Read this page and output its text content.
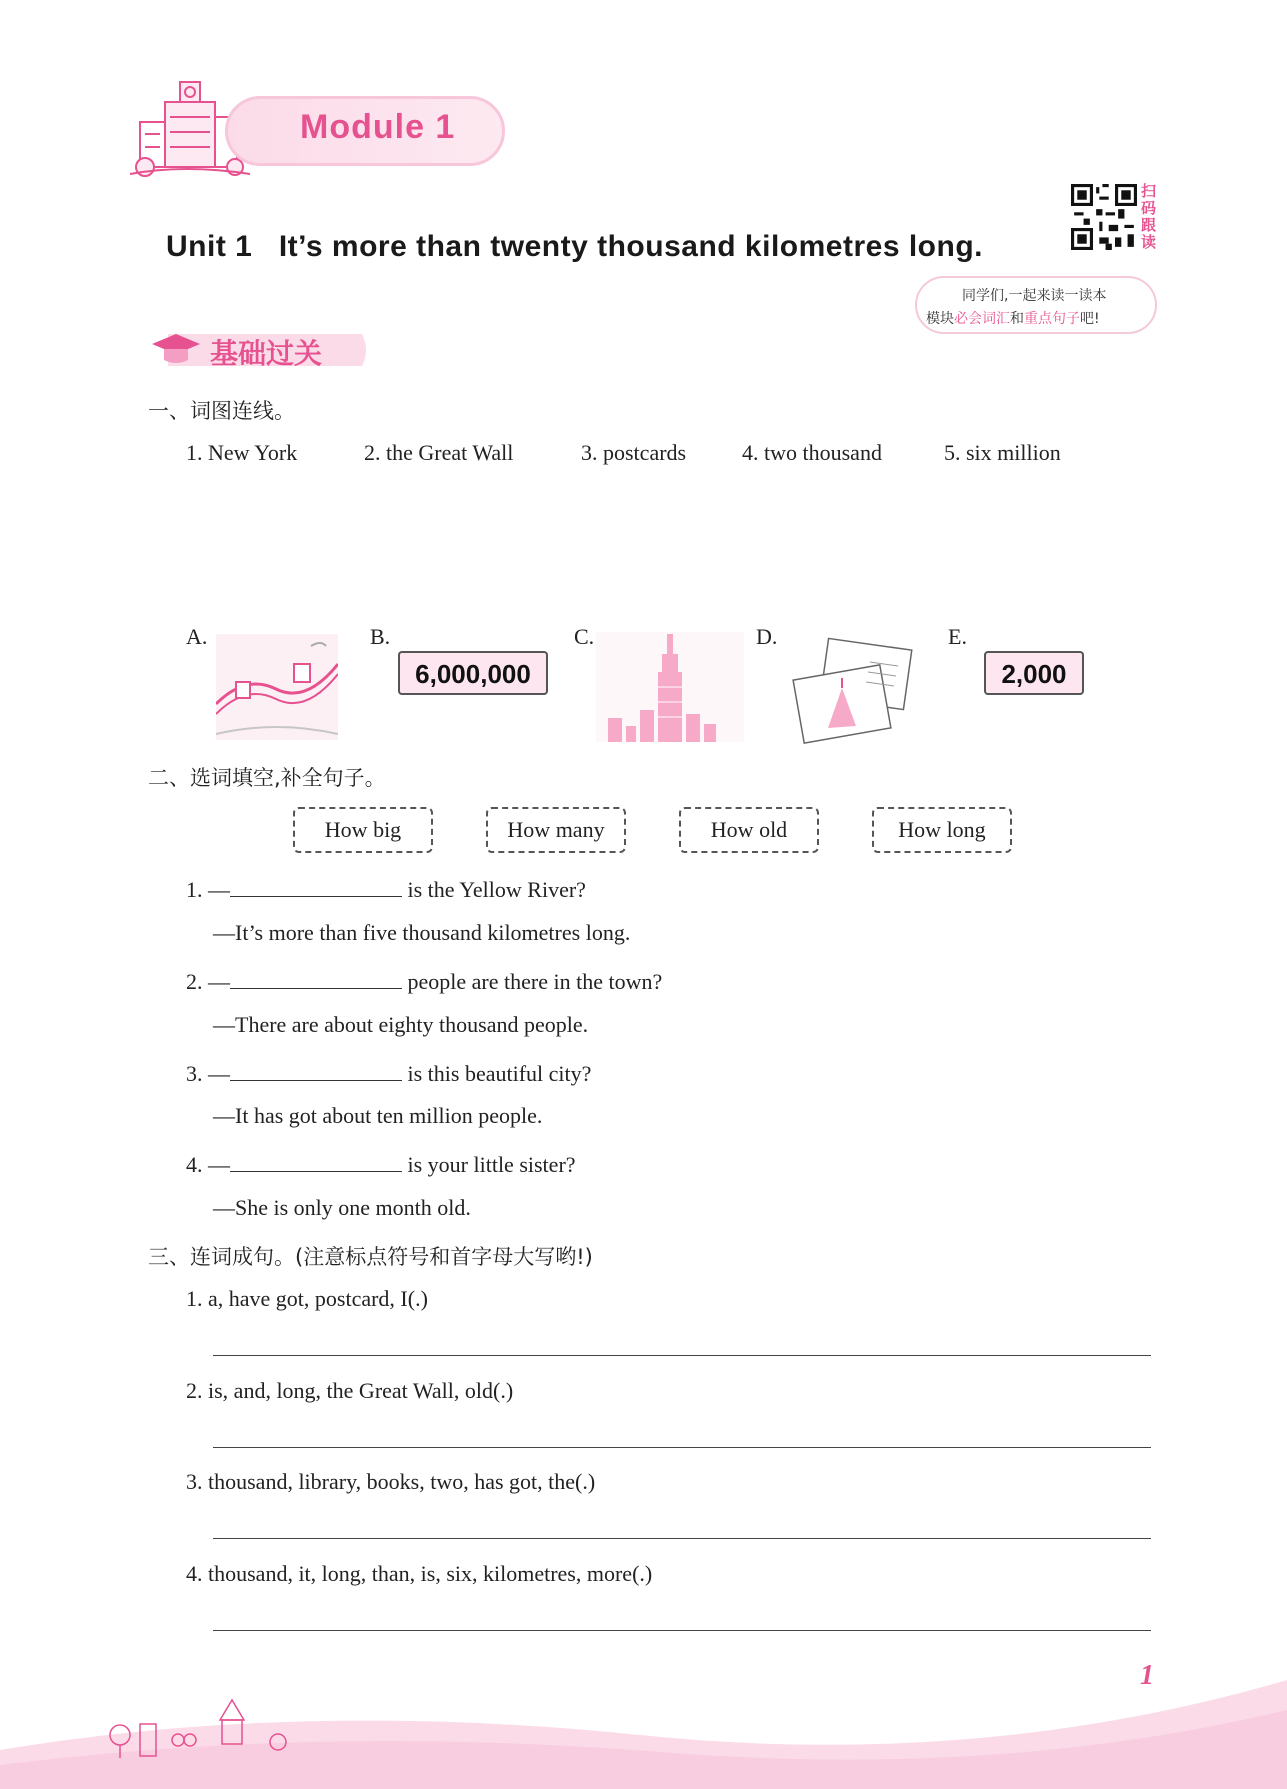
Module 1
Unit 1   It’s more than twenty thousand kilometres long.
扫码跟读
同学们,一起来读一读本
模块必会词汇和重点句子吧!
基础过关
一、词图连线。
1. New York	2. the Great Wall	3. postcards	4. two thousand	5. six million
A.	B.	C.	D.	E.
6,000,000	2,000
二、选词填空,补全句子。
How big	How many	How old	How long
1. —	is the Yellow River?
—It’s more than five thousand kilometres long.
2. —	people are there in the town?
—There are about eighty thousand people.
3. —	is this beautiful city?
—It has got about ten million people.
4. —	is your little sister?
—She is only one month old.
三、连词成句。(注意标点符号和首字母大写哟!)
1. a, have got, postcard, I(.)
2. is, and, long, the Great Wall, old(.)
3. thousand, library, books, two, has got, the(.)
4. thousand, it, long, than, is, six, kilometres, more(.)
1
